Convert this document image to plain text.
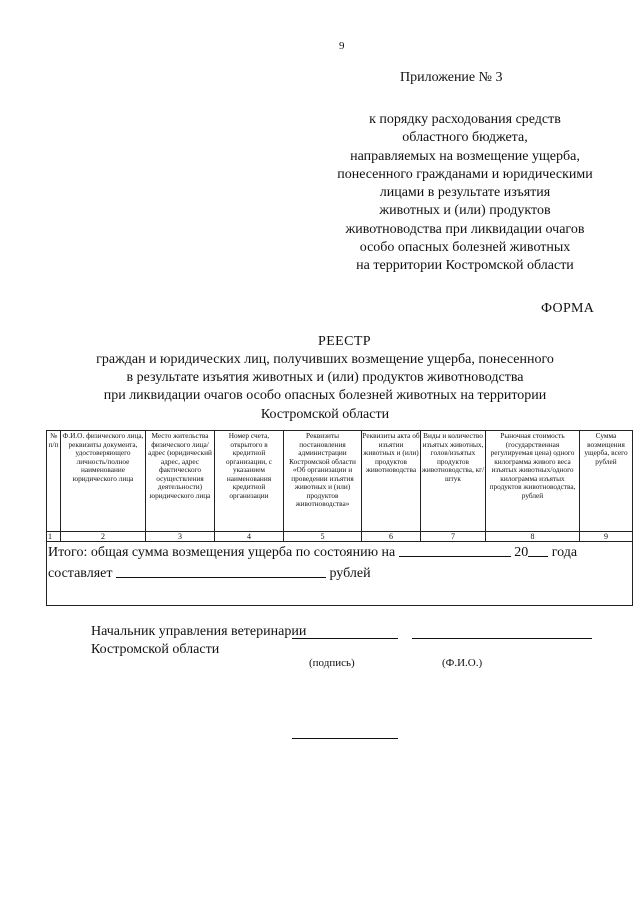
9
Приложение № 3
к порядку расходования средств
областного бюджета,
направляемых на возмещение ущерба,
понесенного гражданами и юридическими
лицами в результате изъятия
животных и (или) продуктов
животноводства при ликвидации очагов
особо опасных болезней животных
на территории Костромской области
ФОРМА
РЕЕСТР
граждан и юридических лиц, получивших возмещение ущерба, понесенного
в результате изъятия животных и (или) продуктов животноводства
при ликвидации очагов особо опасных болезней животных на территории
Костромской области
№ п/п	Ф.И.О. физического лица, реквизиты документа, удостоверяющего личность/полное наименование юридического лица	Место жительства физического лица/адрес (юридический адрес, адрес фактического осуществления деятельности) юридического лица	Номер счета, открытого в кредитной организации, с указанием наименования кредитной организации	Реквизиты постановления администрации Костромской области «Об организации и проведении изъятия животных и (или) продуктов животноводства»	Реквизиты акта об изъятии животных и (или) продуктов животноводства	Виды и количество изъятых животных, голов/изъятых продуктов животноводства, кг/штук	Рыночная стоимость (государственная регулируемая цена) одного килограмма живого веса изъятых животных/одного килограмма изъятых продуктов животноводства, рублей	Сумма возмещения ущерба, всего рублей
1	2	3	4	5	6	7	8	9

Итого: общая сумма возмещения ущерба по состоянию на 20 года
составляет рублей								
Начальник управления ветеринарии
Костромской области
(подпись)	(Ф.И.О.)
